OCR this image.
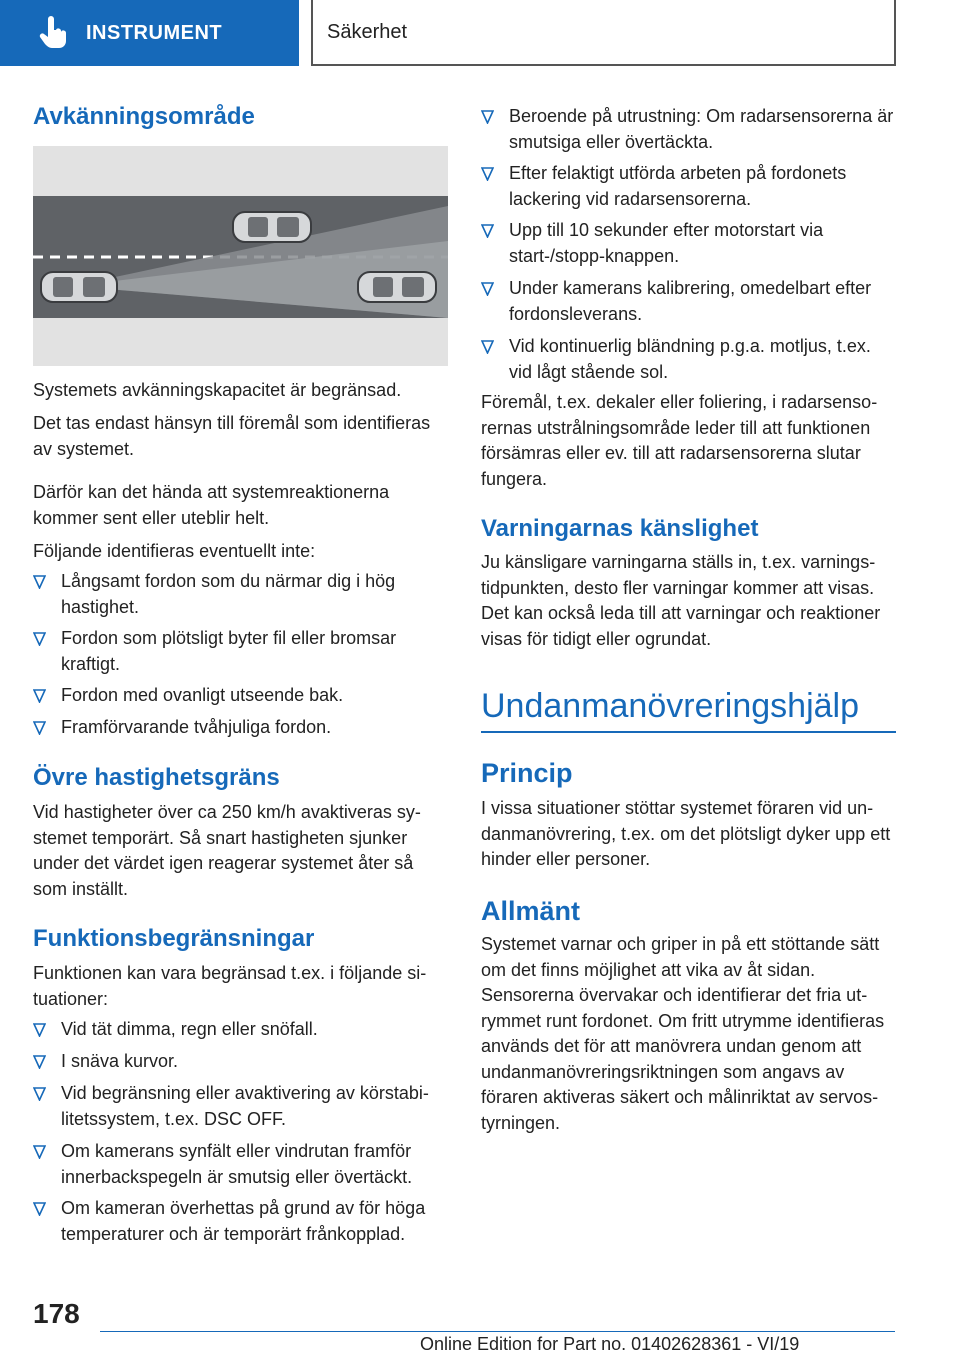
INSTRUMENT	Säkerhet
Avkänningsområde
Systemets avkänningskapacitet är begränsad.
Det tas endast hänsyn till föremål som identifieras av systemet.
Därför kan det hända att systemreaktionerna kommer sent eller uteblir helt.
Följande identifieras eventuellt inte:
Långsamt fordon som du närmar dig i hög hastighet.
Fordon som plötsligt byter fil eller bromsar kraftigt.
Fordon med ovanligt utseende bak.
Framförvarande tvåhjuliga fordon.
Övre hastighetsgräns
Vid hastigheter över ca 250 km/h avaktiveras systemet temporärt. Så snart hastigheten sjunker under det värdet igen reagerar systemet åter så som inställt.
Funktionsbegränsningar
Funktionen kan vara begränsad t.ex. i följande situationer:
Vid tät dimma, regn eller snöfall.
I snäva kurvor.
Vid begränsning eller avaktivering av körstabilitetssystem, t.ex. DSC OFF.
Om kamerans synfält eller vindrutan framför innerbackspegeln är smutsig eller övertäckt.
Om kameran överhettas på grund av för höga temperaturer och är temporärt frånkopplad.
Beroende på utrustning: Om radarsensorerna är smutsiga eller övertäckta.
Efter felaktigt utförda arbeten på fordonets lackering vid radarsensorerna.
Upp till 10 sekunder efter motorstart via start-/stopp-knappen.
Under kamerans kalibrering, omedelbart efter fordonsleverans.
Vid kontinuerlig bländning p.g.a. motljus, t.ex. vid lågt stående sol.
Föremål, t.ex. dekaler eller foliering, i radarsensorernas utstrålningsområde leder till att funktionen försämras eller ev. till att radarsensorerna slutar fungera.
Varningarnas känslighet
Ju känsligare varningarna ställs in, t.ex. varningstidpunkten, desto fler varningar kommer att visas. Det kan också leda till att varningar och reaktioner visas för tidigt eller ogrundat.
Undanmanövreringshjälp
Princip
I vissa situationer stöttar systemet föraren vid undanmanövrering, t.ex. om det plötsligt dyker upp ett hinder eller personer.
Allmänt
Systemet varnar och griper in på ett stöttande sätt om det finns möjlighet att vika av åt sidan. Sensorerna övervakar och identifierar det fria utrymmet runt fordonet. Om fritt utrymme identifieras används det för att manövrera undan genom att undanmanövreringsriktningen som angavs av föraren aktiveras säkert och målinriktat av servostyrningen.
178
Online Edition for Part no. 01402628361 - VI/19
